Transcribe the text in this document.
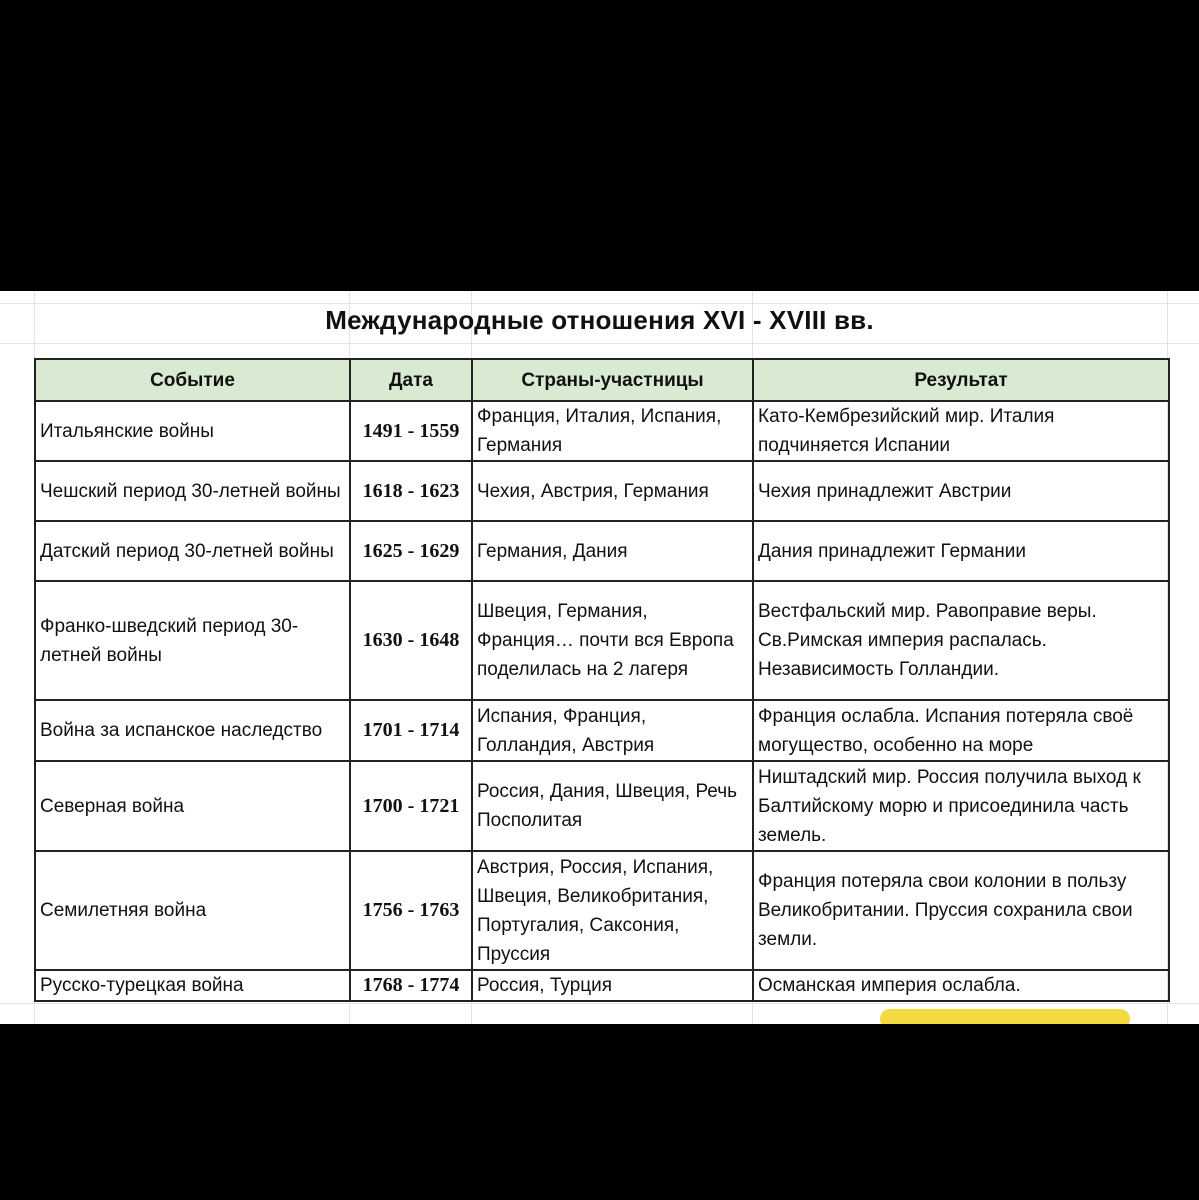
Международные отношения XVI - XVIII вв.
Событие	Дата	Страны-участницы	Результат
Итальянские войны	1491 - 1559	Франция, Италия, Испания, Германия	Като-Кембрезийский мир. Италия подчиняется Испании
Чешский период 30-летней войны	1618 - 1623	Чехия, Австрия, Германия	Чехия принадлежит Австрии
Датский период 30-летней войны	1625 - 1629	Германия, Дания	Дания принадлежит Германии
Франко-шведский период 30-летней войны	1630 - 1648	Швеция, Германия, Франция… почти вся Европа поделилась на 2 лагеря	Вестфальский мир. Равоправие веры. Св.Римская империя распалась. Независимость Голландии.
Война за испанское наследство	1701 - 1714	Испания, Франция, Голландия, Австрия	Франция ослабла. Испания потеряла своё могущество, особенно на море
Северная война	1700 - 1721	Россия, Дания, Швеция, Речь Посполитая	Ништадский мир. Россия получила выход к Балтийскому морю и присоединила часть земель.
Семилетняя война	1756 - 1763	Австрия, Россия, Испания, Швеция, Великобритания, Португалия, Саксония, Пруссия	Франция потеряла свои колонии в пользу Великобритании. Пруссия сохранила свои земли.
Русско-турецкая война	1768 - 1774	Россия, Турция	Османская империя ослабла.
